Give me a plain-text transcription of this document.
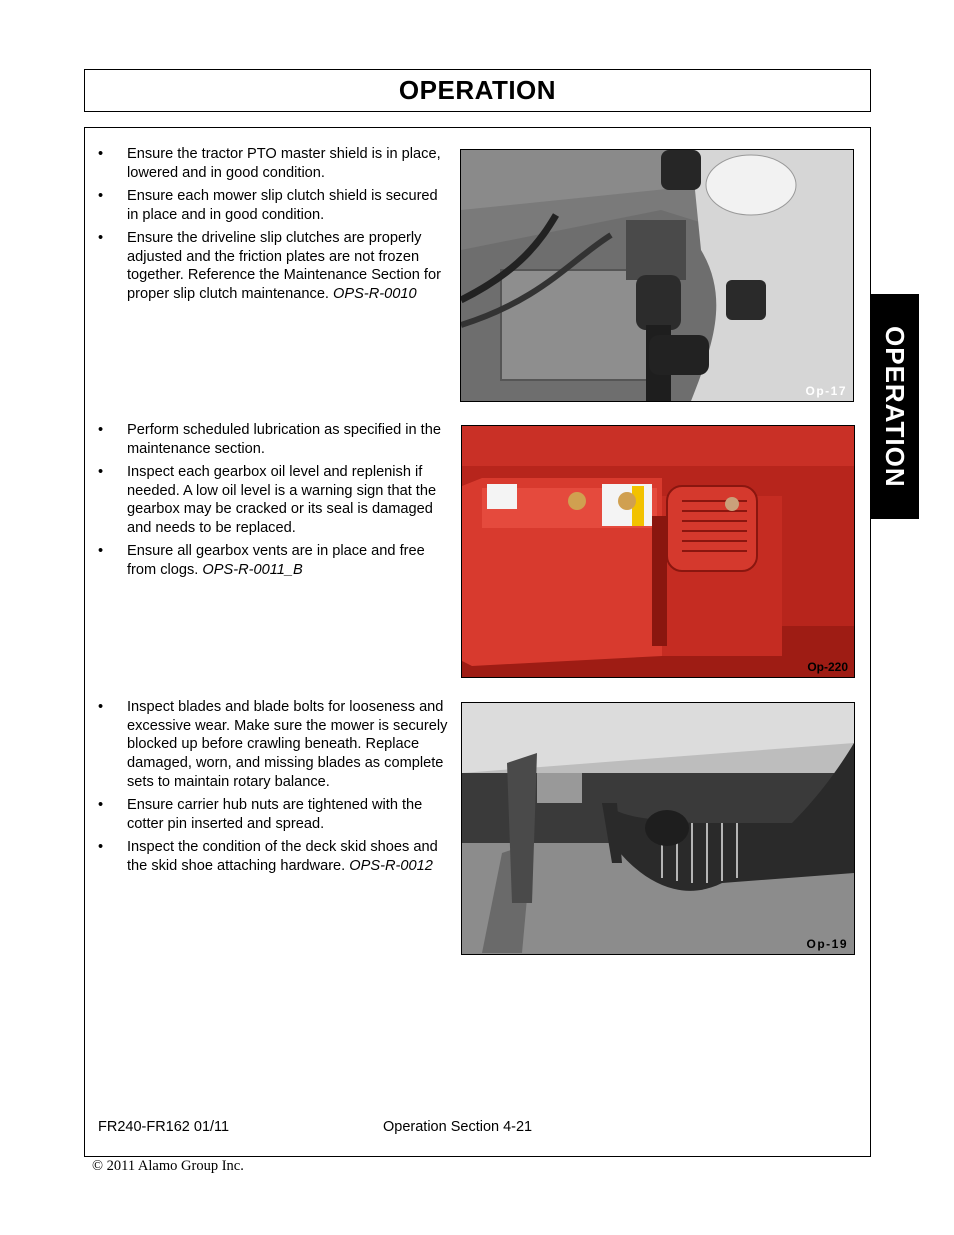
OPERATION
OPERATION
• Ensure the tractor PTO master shield is in place, lowered and in good condition.
• Ensure each mower slip clutch shield is secured in place and in good condition.
• Ensure the driveline slip clutches are properly adjusted and the friction plates are not frozen together. Reference the Maintenance Section for proper slip clutch maintenance. OPS-R-0010
Op-17
• Perform scheduled lubrication as specified in the maintenance section.
• Inspect each gearbox oil level and replenish if needed. A low oil level is a warning sign that the gearbox may be cracked or its seal is damaged and needs to be replaced.
• Ensure all gearbox vents are in place and free from clogs. OPS-R-0011_B
Op-220
• Inspect blades and blade bolts for looseness and excessive wear. Make sure the mower is securely blocked up before crawling beneath. Replace damaged, worn, and missing blades as complete sets to maintain rotary balance.
• Ensure carrier hub nuts are tightened with the cotter pin inserted and spread.
• Inspect the condition of the deck skid shoes and the skid shoe attaching hardware. OPS-R-0012
Op-19
FR240-FR162 01/11	Operation Section 4-21
© 2011 Alamo Group Inc.
